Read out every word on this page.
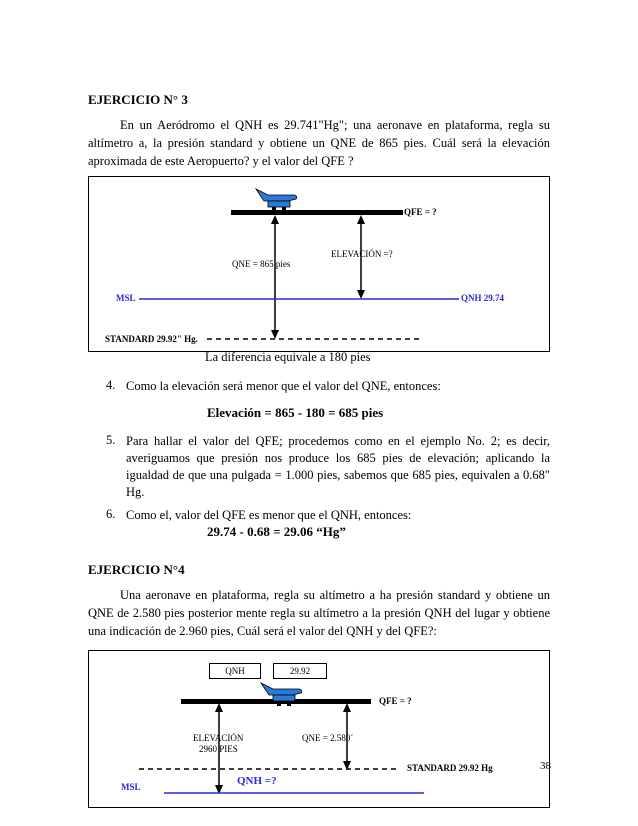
EJERCICIO N° 3
En un Aeródromo el QNH es 29.741"Hg"; una aeronave en plataforma, regla su altímetro a, la presión standard y obtiene un QNE de 865 pies. Cuál será la elevación aproximada de este Aeropuerto? y el valor del QFE ?
QFE = ?
ELEVACIÓN =?
QNE = 865 pies
MSL	QNH 29.74
STANDARD 29.92" Hg.
La diferencia equivale a 180 pies
4. Como la elevación será menor que el valor del QNE, entonces:
Elevación = 865 - 180 = 685 pies
5. Para hallar el valor del QFE; procedemos como en el ejemplo No. 2; es decir, averiguamos que presión nos produce los 685 pies de elevación; aplicando la igualdad de que una pulgada = 1.000 pies, sabemos que 685 pies, equivalen a 0.68" Hg.
6. Como el, valor del QFE es menor que el QNH, entonces:
29.74 - 0.68 = 29.06 “Hg”
EJERCICIO N°4
Una aeronave en plataforma, regla su altímetro a ha presión standard y obtiene un QNE de 2.580 pies posterior mente regla su altímetro a la presión QNH del lugar y obtiene una indicación de 2.960 pies, Cuál será el valor del QNH y del QFE?:
QNH	29.92
QFE = ?
ELEVACIÓN
2960 PIES
QNE = 2.580´
STANDARD 29.92 Hg
MSL	QNH =?
38
